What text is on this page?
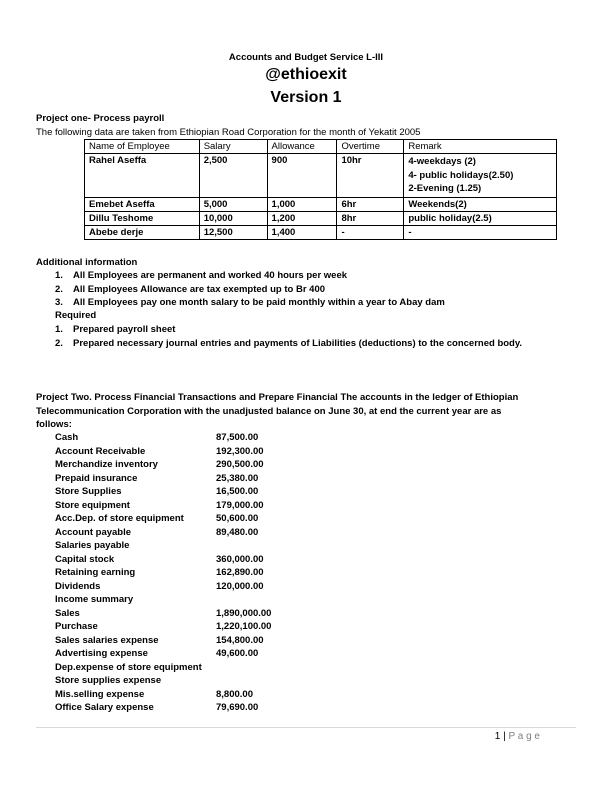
Accounts and Budget Service L-III
@ethioexit
Version 1
Project one- Process payroll
The following data are taken from Ethiopian Road Corporation for the month of Yekatit 2005
Name of Employee	Salary	Allowance	Overtime	Remark
Rahel Aseffa	2,500	900	10hr	4-weekdays (2)
4- public holidays(2.50)
2-Evening (1.25)

Emebet Aseffa	5,000	1,000	6hr	Weekends(2)
Dillu Teshome	10,000	1,200	8hr	public holiday(2.5)
Abebe derje	12,500	1,400	-	-
Additional information
1. All Employees are permanent and worked 40 hours per week
2. All Employees Allowance are tax exempted up to Br 400
3. All Employees pay one month salary to be paid monthly within a year to Abay dam
Required
1. Prepared payroll sheet
2. Prepared necessary journal entries and payments of Liabilities (deductions) to the concerned body.
Project Two. Process Financial Transactions and Prepare Financial The accounts in the ledger of Ethiopian
Telecommunication Corporation with the unadjusted balance on June 30, at end the current year are as
follows:
Cash	87,500.00
Account Receivable	192,300.00
Merchandize inventory	290,500.00
Prepaid insurance	25,380.00
Store Supplies	16,500.00
Store equipment	179,000.00
Acc.Dep. of store equipment	50,600.00
Account payable	89,480.00
Salaries payable
Capital stock	360,000.00
Retaining earning	162,890.00
Dividends	120,000.00
Income summary
Sales	1,890,000.00
Purchase	1,220,100.00
Sales salaries expense	154,800.00
Advertising expense	49,600.00
Dep.expense of store equipment
Store supplies expense
Mis.selling expense	8,800.00
Office Salary expense	79,690.00
1 | P a g e
